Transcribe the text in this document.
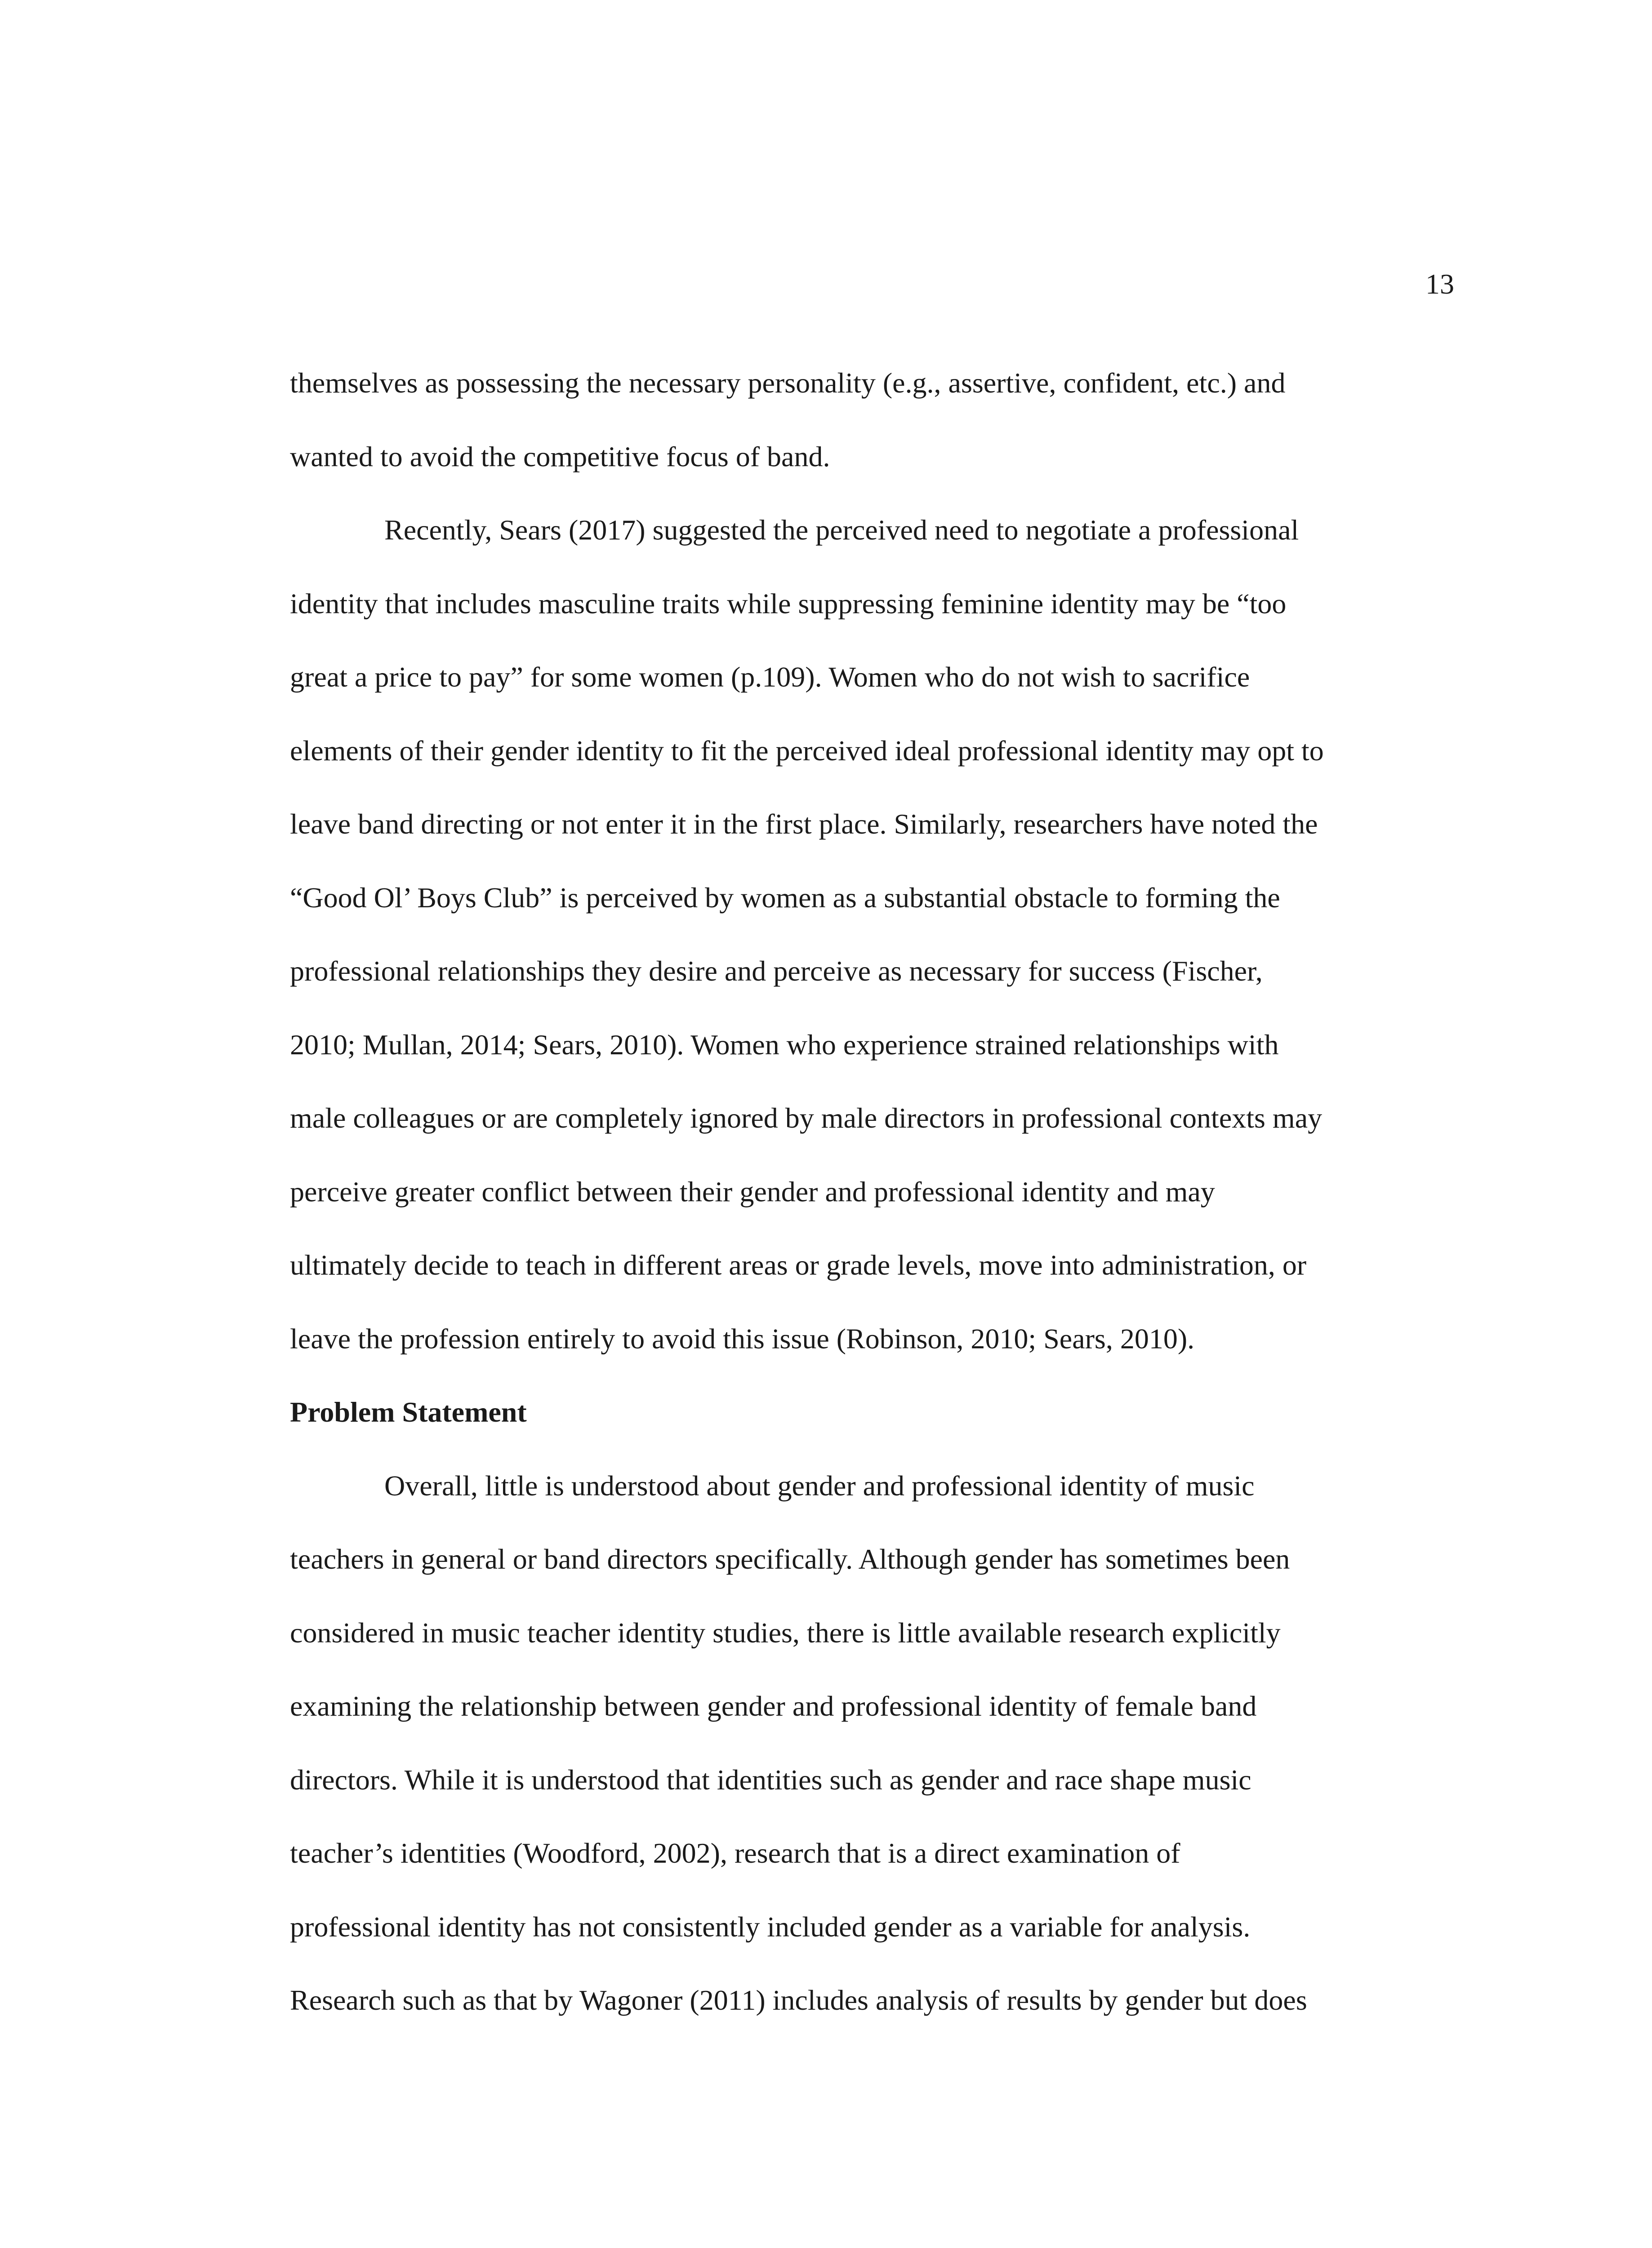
13
themselves as possessing the necessary personality (e.g., assertive, confident, etc.) and
wanted to avoid the competitive focus of band.
Recently, Sears (2017) suggested the perceived need to negotiate a professional
identity that includes masculine traits while suppressing feminine identity may be “too
great a price to pay” for some women (p.109). Women who do not wish to sacrifice
elements of their gender identity to fit the perceived ideal professional identity may opt to
leave band directing or not enter it in the first place. Similarly, researchers have noted the
“Good Ol’ Boys Club” is perceived by women as a substantial obstacle to forming the
professional relationships they desire and perceive as necessary for success (Fischer,
2010; Mullan, 2014; Sears, 2010). Women who experience strained relationships with
male colleagues or are completely ignored by male directors in professional contexts may
perceive greater conflict between their gender and professional identity and may
ultimately decide to teach in different areas or grade levels, move into administration, or
leave the profession entirely to avoid this issue (Robinson, 2010; Sears, 2010).
Problem Statement
Overall, little is understood about gender and professional identity of music
teachers in general or band directors specifically. Although gender has sometimes been
considered in music teacher identity studies, there is little available research explicitly
examining the relationship between gender and professional identity of female band
directors. While it is understood that identities such as gender and race shape music
teacher’s identities (Woodford, 2002), research that is a direct examination of
professional identity has not consistently included gender as a variable for analysis.
Research such as that by Wagoner (2011) includes analysis of results by gender but does
